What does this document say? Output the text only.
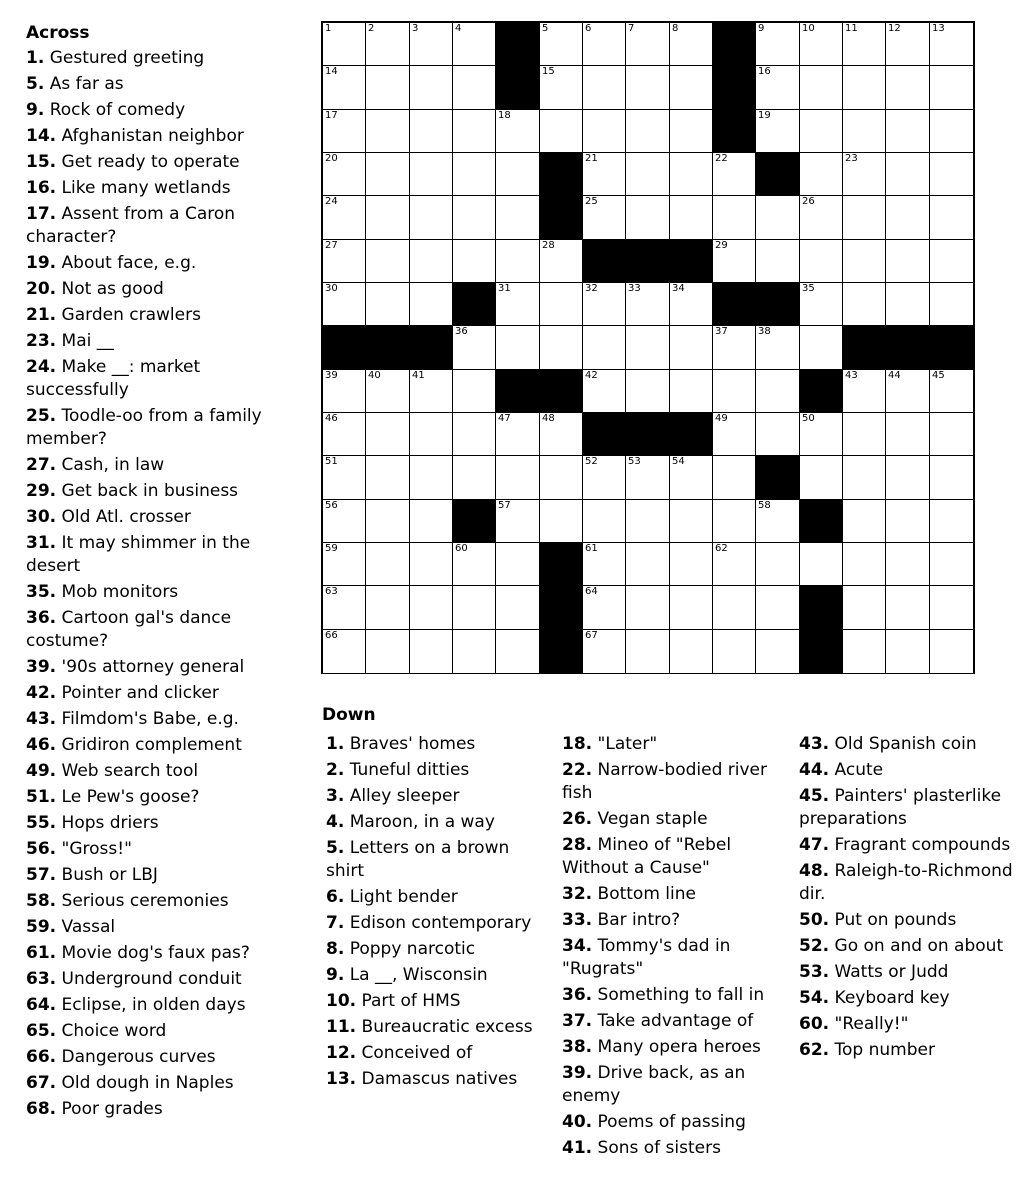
Across
1. Gestured greeting
5. As far as
9. Rock of comedy
14. Afghanistan neighbor
15. Get ready to operate
16. Like many wetlands
17. Assent from a Caron character?
19. About face, e.g.
20. Not as good
21. Garden crawlers
23. Mai __
24. Make __: market successfully
25. Toodle-oo from a family member?
27. Cash, in law
29. Get back in business
30. Old Atl. crosser
31. It may shimmer in the desert
35. Mob monitors
36. Cartoon gal's dance costume?
39. '90s attorney general
42. Pointer and clicker
43. Filmdom's Babe, e.g.
46. Gridiron complement
49. Web search tool
51. Le Pew's goose?
55. Hops driers
56. "Gross!"
57. Bush or LBJ
58. Serious ceremonies
59. Vassal
61. Movie dog's faux pas?
63. Underground conduit
64. Eclipse, in olden days
65. Choice word
66. Dangerous curves
67. Old dough in Naples
68. Poor grades
1	2	3	4	5	6	7	8	9	10	11	12	13
14	15	16
17	18	19
20	21	22	23
24	25	26
27	28	29
30	31	32	33	34	35
36	37	38
39	40	41	42	43	44	45
46	47	48	49	50
51	52	53	54
56	57	58
59	60	61	62
63	64
66	67
Down
1. Braves' homes
2. Tuneful ditties
3. Alley sleeper
4. Maroon, in a way
5. Letters on a brown shirt
6. Light bender
7. Edison contemporary
8. Poppy narcotic
9. La __, Wisconsin
10. Part of HMS
11. Bureaucratic excess
12. Conceived of
13. Damascus natives
18. "Later"
22. Narrow-bodied river fish
26. Vegan staple
28. Mineo of "Rebel Without a Cause"
32. Bottom line
33. Bar intro?
34. Tommy's dad in "Rugrats"
36. Something to fall in
37. Take advantage of
38. Many opera heroes
39. Drive back, as an enemy
40. Poems of passing
41. Sons of sisters
43. Old Spanish coin
44. Acute
45. Painters' plasterlike preparations
47. Fragrant compounds
48. Raleigh-to-Richmond dir.
50. Put on pounds
52. Go on and on about
53. Watts or Judd
54. Keyboard key
60. "Really!"
62. Top number
